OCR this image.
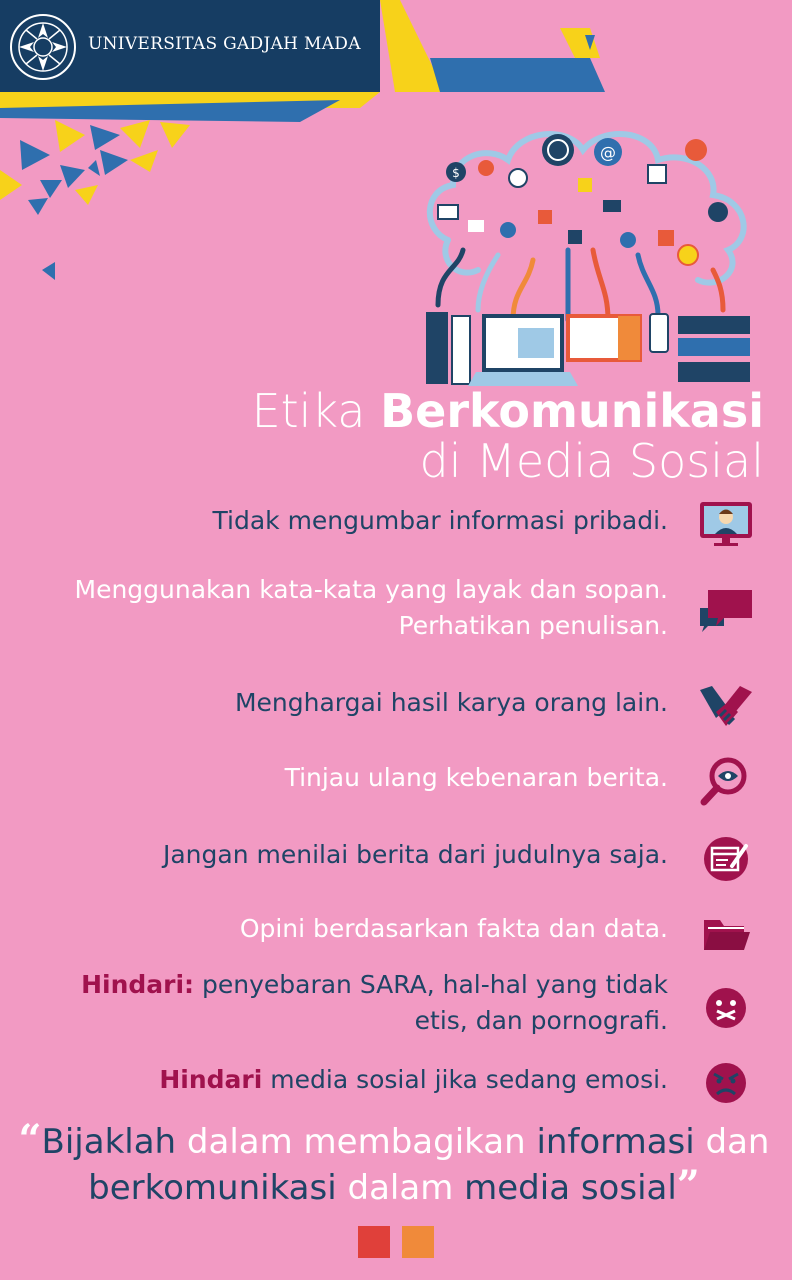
UNIVERSITAS GADJAH MADA
@
$
Etika Berkomunikasi
di Media Sosial
Tidak mengumbar informasi pribadi.
Menggunakan kata-kata yang layak dan sopan.
Perhatikan penulisan.
Menghargai hasil karya orang lain.
Tinjau ulang kebenaran berita.
Jangan menilai berita dari judulnya saja.
Opini berdasarkan fakta dan data.
Hindari: penyebaran SARA, hal-hal yang tidak
etis, dan pornografi.
Hindari media sosial jika sedang emosi.
“Bijaklah dalam membagikan informasi dan
berkomunikasi dalam media sosial”
